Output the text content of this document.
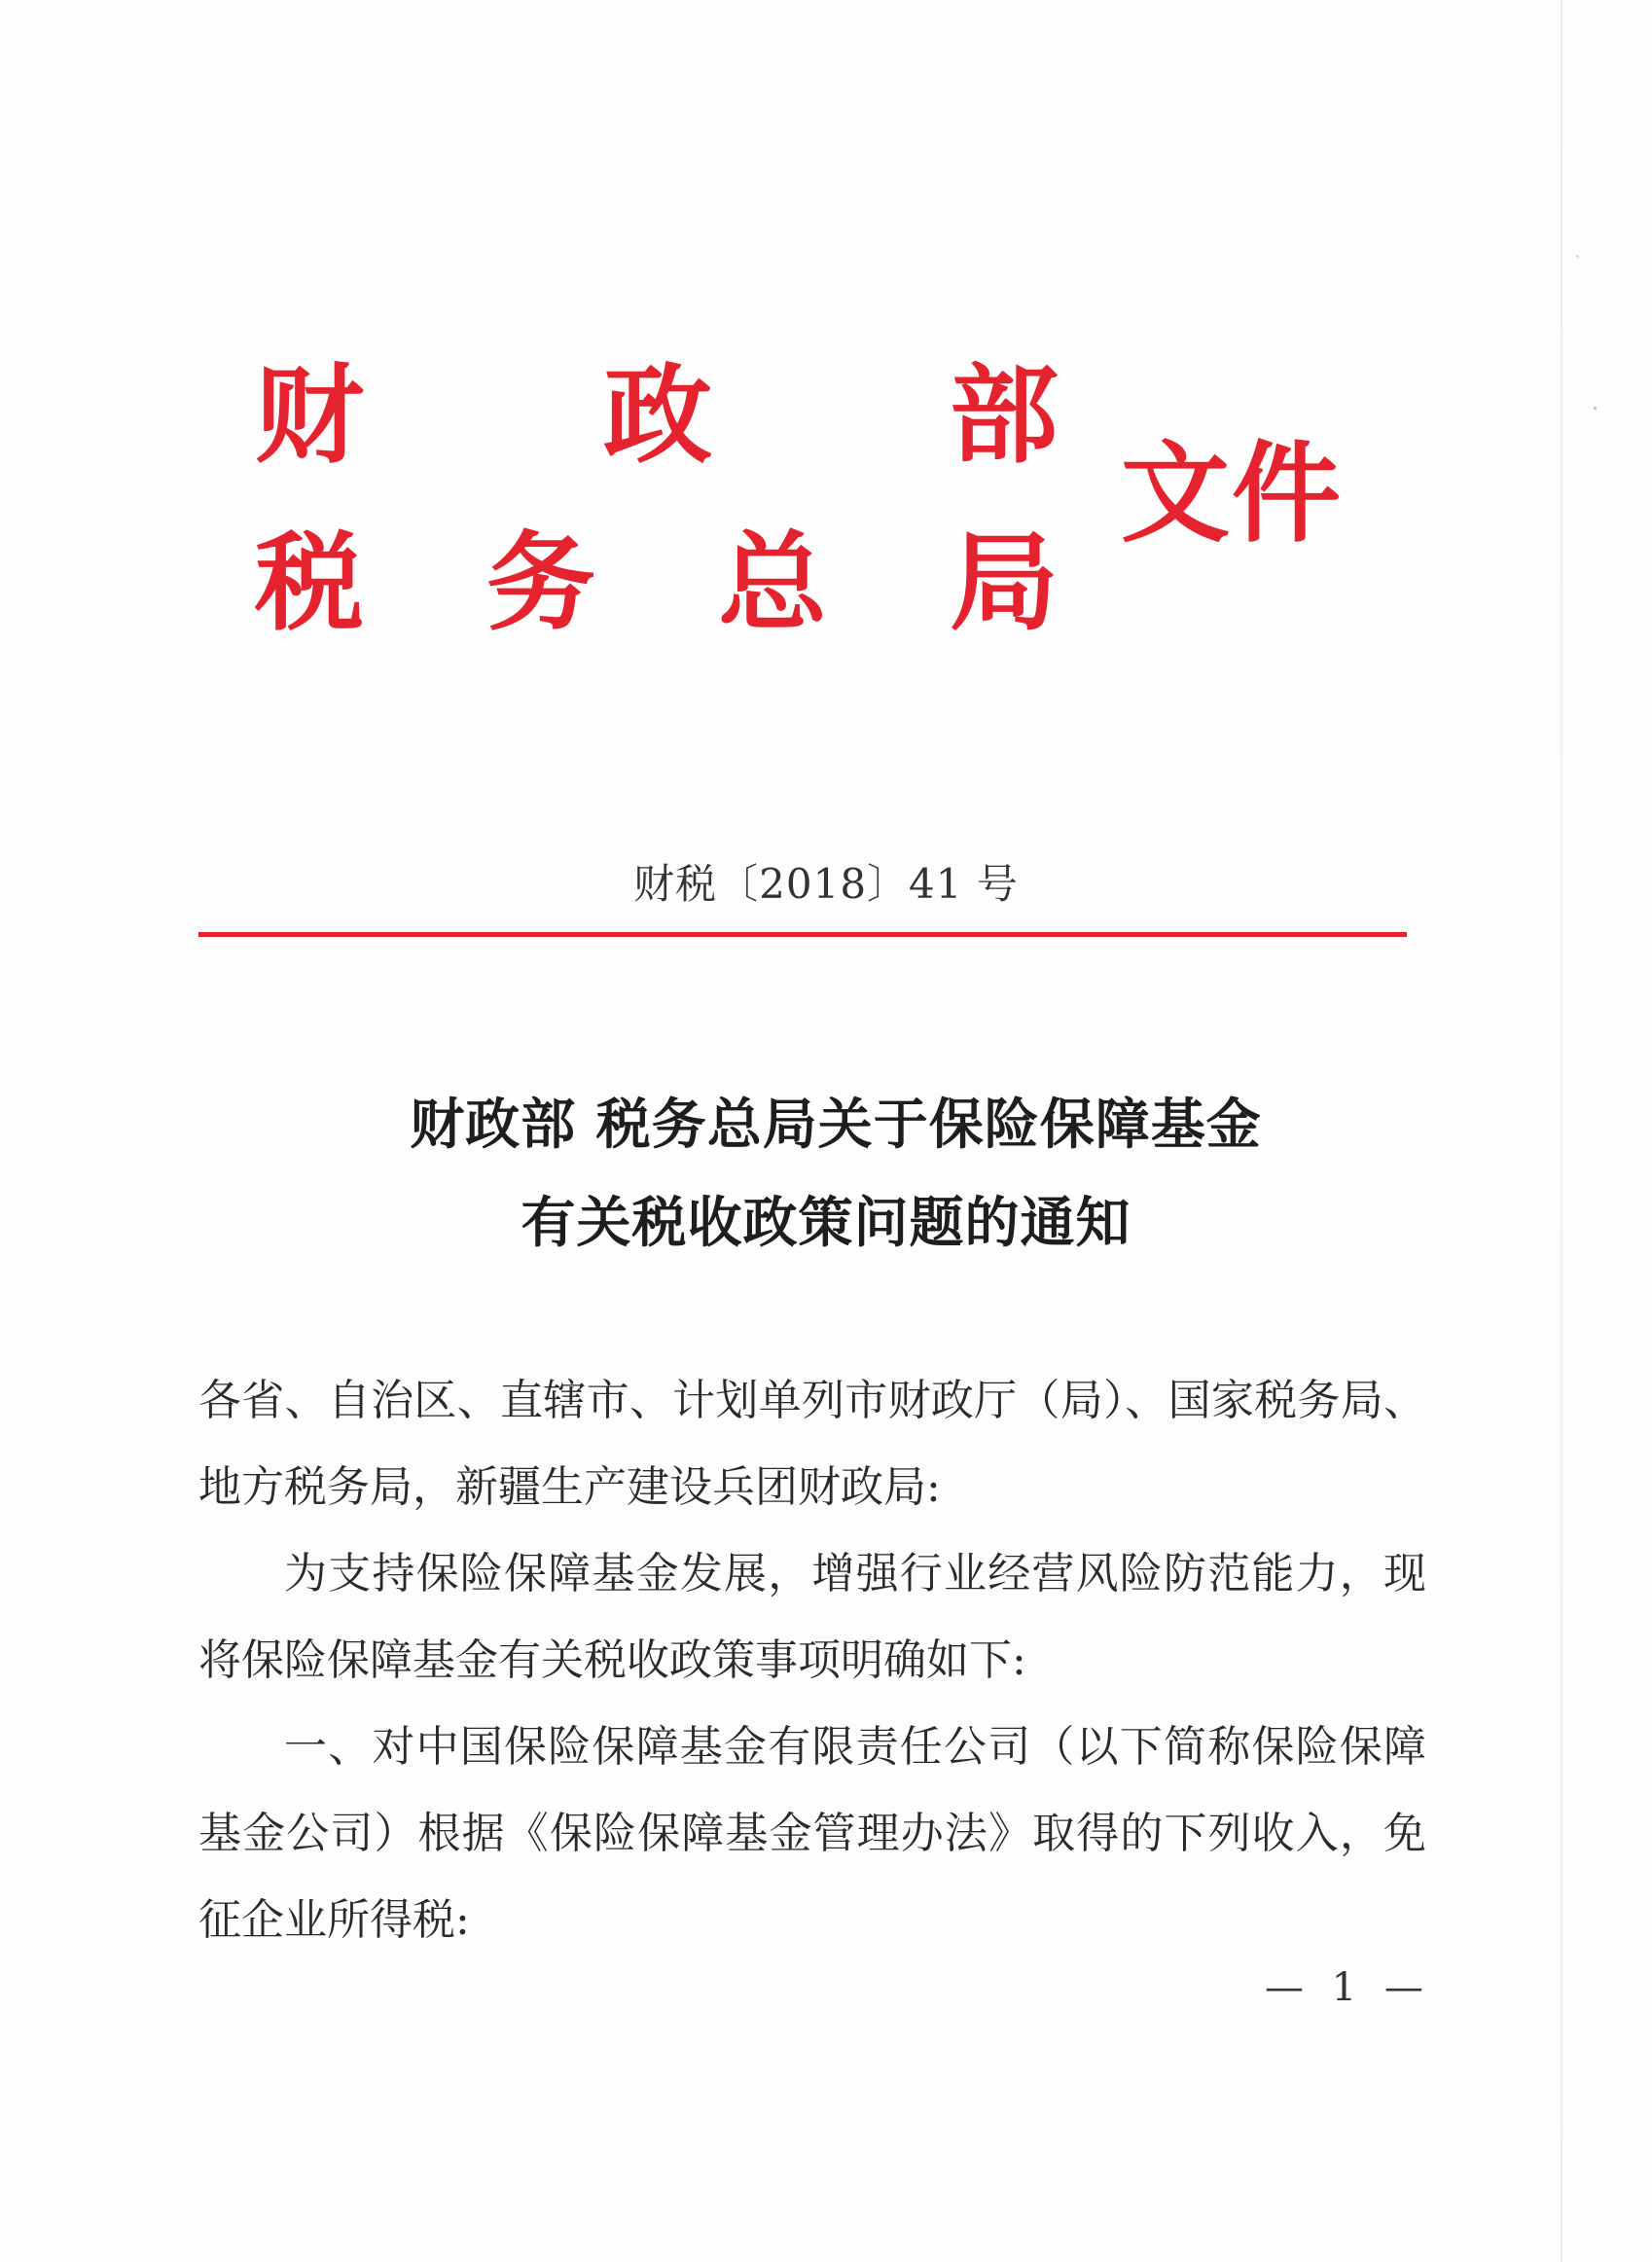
财 政 部
税 务 总 局
文件
财税〔2018〕41 号
财政部 税务总局关于保险保障基金
有关税收政策问题的通知
各省、自治区、直辖市、计划单列市财政厅（局）、国家税务局、
地方税务局，新疆生产建设兵团财政局:
为支持保险保障基金发展，增强行业经营风险防范能力，现
将保险保障基金有关税收政策事项明确如下:
一、对中国保险保障基金有限责任公司（以下简称保险保障
基金公司）根据《保险保障基金管理办法》取得的下列收入，免
征企业所得税:
— 1 —
